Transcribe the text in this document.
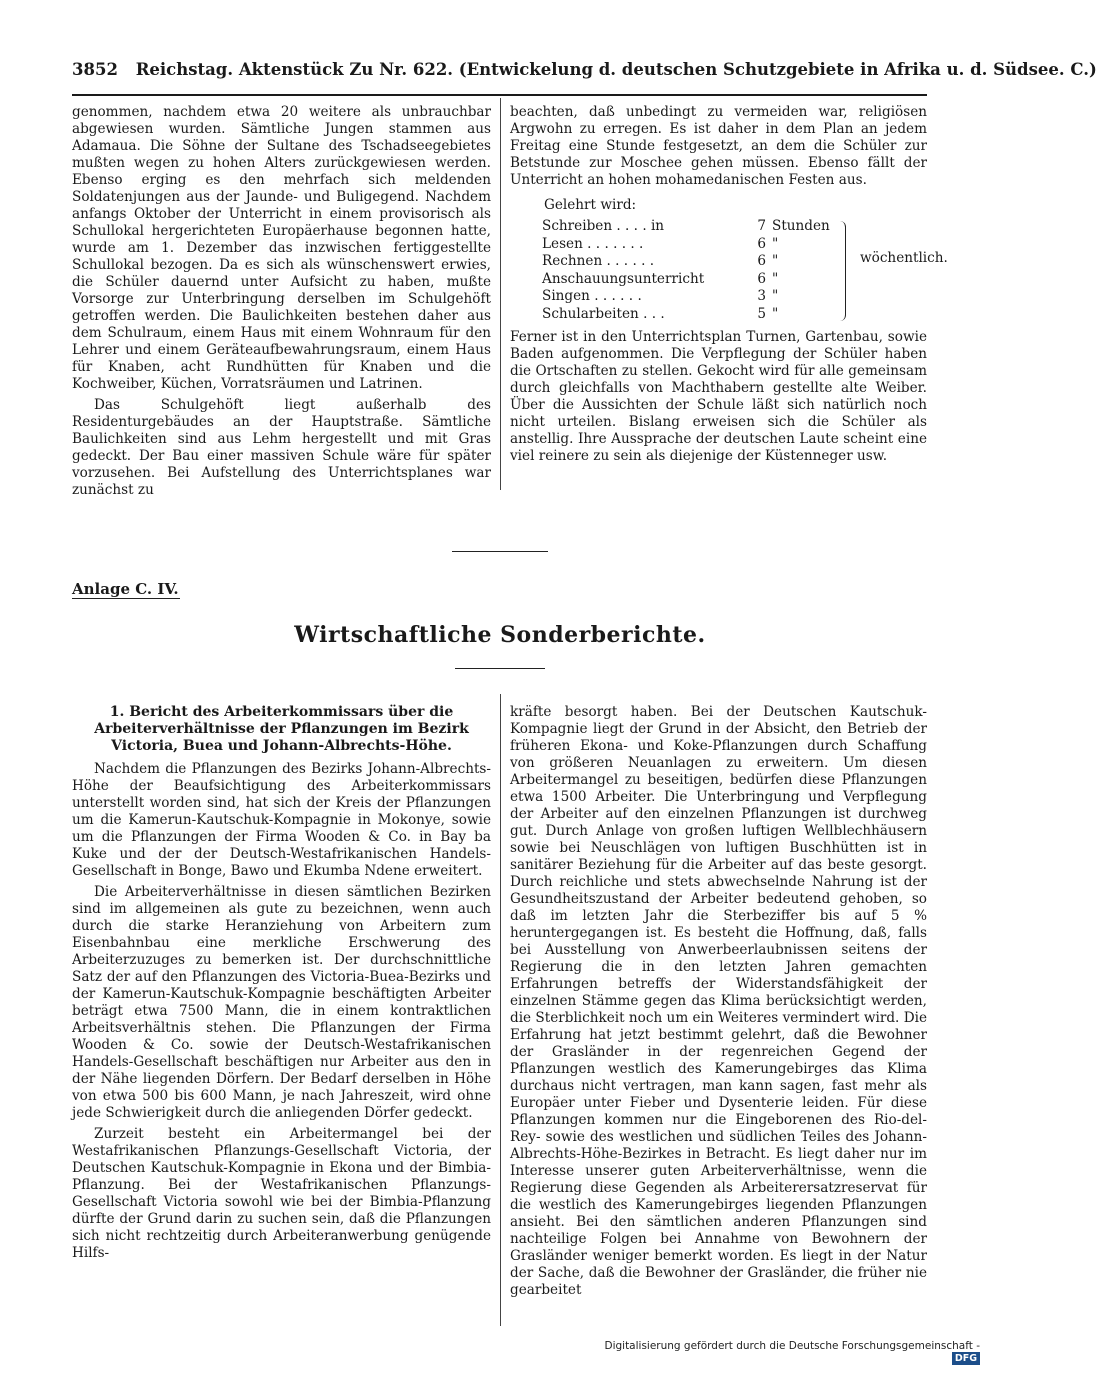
3852 Reichstag. Aktenstück Zu Nr. 622. (Entwickelung d. deutschen Schutzgebiete in Afrika u. d. Südsee. C.)

genommen, nachdem etwa 20 weitere als unbrauchbar abgewiesen wurden. Sämtliche Jungen stammen aus Adamaua. Die Söhne der Sultane des Tschadseegebietes mußten wegen zu hohen Alters zurückgewiesen werden. Ebenso erging es den mehrfach sich meldenden Soldatenjungen aus der Jaunde- und Buligegend. Nachdem anfangs Oktober der Unterricht in einem provisorisch als Schullokal hergerichteten Europäerhause begonnen hatte, wurde am 1. Dezember das inzwischen fertiggestellte Schullokal bezogen. Da es sich als wünschenswert erwies, die Schüler dauernd unter Aufsicht zu haben, mußte Vorsorge zur Unterbringung derselben im Schulgehöft getroffen werden. Die Baulichkeiten bestehen daher aus dem Schulraum, einem Haus mit einem Wohnraum für den Lehrer und einem Geräteaufbewahrungsraum, einem Haus für Knaben, acht Rundhütten für Knaben und die Kochweiber, Küchen, Vorratsräumen und Latrinen.

Das Schulgehöft liegt außerhalb des Residenturgebäudes an der Hauptstraße. Sämtliche Baulichkeiten sind aus Lehm hergestellt und mit Gras gedeckt. Der Bau einer massiven Schule wäre für später vorzusehen. Bei Aufstellung des Unterrichtsplanes war zunächst zu

beachten, daß unbedingt zu vermeiden war, religiösen Argwohn zu erregen. Es ist daher in dem Plan an jedem Freitag eine Stunde festgesetzt, an dem die Schüler zur Betstunde zur Moschee gehen müssen. Ebenso fällt der Unterricht an hohen mohamedanischen Festen aus.

Gelehrt wird:
Schreiben . . . . in	7 Stunden
Lesen . . . . . . .	6 "
Rechnen . . . . . .	6 "
Anschauungsunterricht	6 "
Singen . . . . . .	3 "
Schularbeiten . . .	5 "
wöchentlich.

Ferner ist in den Unterrichtsplan Turnen, Gartenbau, sowie Baden aufgenommen. Die Verpflegung der Schüler haben die Ortschaften zu stellen. Gekocht wird für alle gemeinsam durch gleichfalls von Machthabern gestellte alte Weiber. Über die Aussichten der Schule läßt sich natürlich noch nicht urteilen. Bislang erweisen sich die Schüler als anstellig. Ihre Aussprache der deutschen Laute scheint eine viel reinere zu sein als diejenige der Küstenneger usw.

Anlage C. IV.
Wirtschaftliche Sonderberichte.
1. Bericht des Arbeiterkommissars über die Arbeiterverhältnisse der Pflanzungen im Bezirk Victoria, Buea und Johann-Albrechts-Höhe.

Nachdem die Pflanzungen des Bezirks Johann-Albrechts-Höhe der Beaufsichtigung des Arbeiterkommissars unterstellt worden sind, hat sich der Kreis der Pflanzungen um die Kamerun-Kautschuk-Kompagnie in Mokonye, sowie um die Pflanzungen der Firma Wooden & Co. in Bay ba Kuke und der der Deutsch-Westafrikanischen Handels-Gesellschaft in Bonge, Bawo und Ekumba Ndene erweitert.

Die Arbeiterverhältnisse in diesen sämtlichen Bezirken sind im allgemeinen als gute zu bezeichnen, wenn auch durch die starke Heranziehung von Arbeitern zum Eisenbahnbau eine merkliche Erschwerung des Arbeiterzuzuges zu bemerken ist. Der durchschnittliche Satz der auf den Pflanzungen des Victoria-Buea-Bezirks und der Kamerun-Kautschuk-Kompagnie beschäftigten Arbeiter beträgt etwa 7500 Mann, die in einem kontraktlichen Arbeitsverhältnis stehen. Die Pflanzungen der Firma Wooden & Co. sowie der Deutsch-Westafrikanischen Handels-Gesellschaft beschäftigen nur Arbeiter aus den in der Nähe liegenden Dörfern. Der Bedarf derselben in Höhe von etwa 500 bis 600 Mann, je nach Jahreszeit, wird ohne jede Schwierigkeit durch die anliegenden Dörfer gedeckt.

Zurzeit besteht ein Arbeitermangel bei der Westafrikanischen Pflanzungs-Gesellschaft Victoria, der Deutschen Kautschuk-Kompagnie in Ekona und der Bimbia-Pflanzung. Bei der Westafrikanischen Pflanzungs-Gesellschaft Victoria sowohl wie bei der Bimbia-Pflanzung dürfte der Grund darin zu suchen sein, daß die Pflanzungen sich nicht rechtzeitig durch Arbeiteranwerbung genügende Hilfs-

kräfte besorgt haben. Bei der Deutschen Kautschuk-Kompagnie liegt der Grund in der Absicht, den Betrieb der früheren Ekona- und Koke-Pflanzungen durch Schaffung von größeren Neuanlagen zu erweitern. Um diesen Arbeitermangel zu beseitigen, bedürfen diese Pflanzungen etwa 1500 Arbeiter. Die Unterbringung und Verpflegung der Arbeiter auf den einzelnen Pflanzungen ist durchweg gut. Durch Anlage von großen luftigen Wellblechhäusern sowie bei Neuschlägen von luftigen Buschhütten ist in sanitärer Beziehung für die Arbeiter auf das beste gesorgt. Durch reichliche und stets abwechselnde Nahrung ist der Gesundheitszustand der Arbeiter bedeutend gehoben, so daß im letzten Jahr die Sterbeziffer bis auf 5 % heruntergegangen ist. Es besteht die Hoffnung, daß, falls bei Ausstellung von Anwerbeerlaubnissen seitens der Regierung die in den letzten Jahren gemachten Erfahrungen betreffs der Widerstandsfähigkeit der einzelnen Stämme gegen das Klima berücksichtigt werden, die Sterblichkeit noch um ein Weiteres vermindert wird. Die Erfahrung hat jetzt bestimmt gelehrt, daß die Bewohner der Grasländer in der regenreichen Gegend der Pflanzungen westlich des Kamerungebirges das Klima durchaus nicht vertragen, man kann sagen, fast mehr als Europäer unter Fieber und Dysenterie leiden. Für diese Pflanzungen kommen nur die Eingeborenen des Rio-del-Rey- sowie des westlichen und südlichen Teiles des Johann-Albrechts-Höhe-Bezirkes in Betracht. Es liegt daher nur im Interesse unserer guten Arbeiterverhältnisse, wenn die Regierung diese Gegenden als Arbeiterersatzreservat für die westlich des Kamerungebirges liegenden Pflanzungen ansieht. Bei den sämtlichen anderen Pflanzungen sind nachteilige Folgen bei Annahme von Bewohnern der Grasländer weniger bemerkt worden. Es liegt in der Natur der Sache, daß die Bewohner der Grasländer, die früher nie gearbeitet

Digitalisierung gefördert durch die Deutsche Forschungsgemeinschaft - DFG
